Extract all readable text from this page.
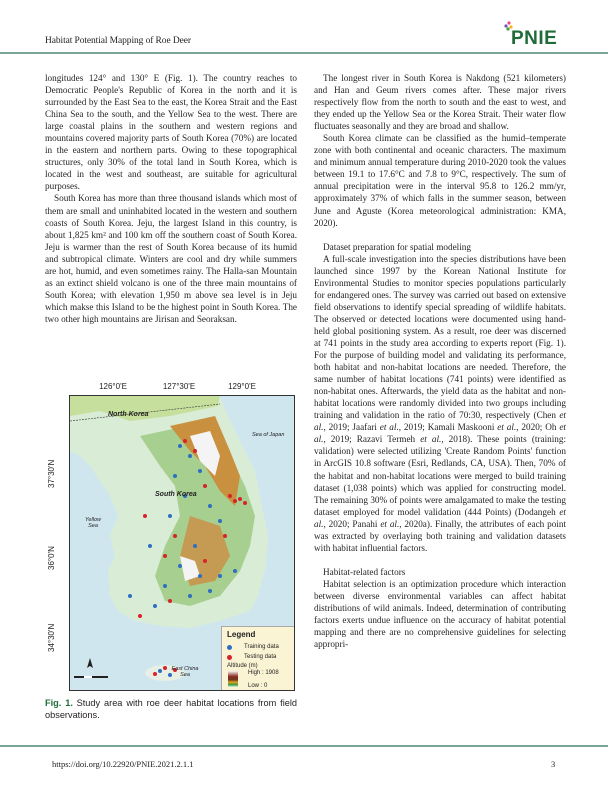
Habitat Potential Mapping of Roe Deer	PNIE

longitudes 124° and 130° E (Fig. 1). The country reaches to Democratic People's Republic of Korea in the north and it is surrounded by the East Sea to the east, the Korea Strait and the East China Sea to the south, and the Yellow Sea to the west. There are large coastal plains in the southern and western regions and mountains covered majority parts of South Korea (70%) are located in the eastern and northern parts. Owing to these topographical structures, only 30% of the total land in South Korea, which is located in the west and southeast, are suitable for agricultural purposes.

South Korea has more than three thousand islands which most of them are small and uninhabited located in the western and southern coasts of South Korea. Jeju, the largest Island in this country, is about 1,825 km² and 100 km off the southern coast of South Korea. Jeju is warmer than the rest of South Korea because of its humid and subtropical climate. Winters are cool and dry while summers are hot, humid, and even sometimes rainy. The Halla-san Mountain as an extinct shield volcano is one of the three main mountains of South Korea; with elevation 1,950 m above sea level is in Jeju which makse this Island to be the highest point in South Korea. The two other high mountains are Jirisan and Seoraksan.

126°0'E	127°30'E	129°0'E
37°30'N
36°0'N
34°30'N
North Korea
South Korea
Sea of Japan
Yellow Sea
East China Sea
Legend
Training data
Testing data
Altitude (m)
High : 1908
Low : 0
Fig. 1. Study area with roe deer habitat locations from field observations.

The longest river in South Korea is Nakdong (521 kilometers) and Han and Geum rivers comes after. These major rivers respectively flow from the north to south and the east to west, and they ended up the Yellow Sea or the Korea Strait. Their water flow fluctuates seasonally and they are broad and shallow.

South Korea climate can be classified as the humid–temperate zone with both continental and oceanic characters. The maximum and minimum annual temperature during 2010-2020 took the values between 19.1 to 17.6°C and 7.8 to 9°C, respectively. The sum of annual precipitation were in the interval 95.8 to 126.2 mm/yr, approximately 37% of which falls in the summer season, between June and Aguste (Korea meteorological administration: KMA, 2020).

Dataset preparation for spatial modeling

A full-scale investigation into the species distributions have been launched since 1997 by the Korean National Institute for Environmental Studies to monitor species populations particularly for endangered ones. The survey was carried out based on extensive field observations to identify special spreading of wildlife habitats. The observed or detected locations were documented using hand-held global positioning system. As a result, roe deer was discerned at 741 points in the study area according to experts report (Fig. 1). For the purpose of building model and validating its performance, both habitat and non-habitat locations are needed. Therefore, the same number of habitat locations (741 points) were identified as non-habitat ones. Afterwards, the yield data as the habitat and non-habitat locations were randomly divided into two groups including training and validation in the ratio of 70:30, respectively (Chen et al., 2019; Jaafari et al., 2019; Kamali Maskooni et al., 2020; Oh et al., 2019; Razavi Termeh et al., 2018). These points (training: validation) were selected utilizing 'Create Random Points' function in ArcGIS 10.8 software (Esri, Redlands, CA, USA). Then, 70% of the habitat and non-habitat locations were merged to build training dataset (1,038 points) which was applied for constructing model. The remaining 30% of points were amalgamated to make the testing dataset employed for model validation (444 Points) (Dodangeh et al., 2020; Panahi et al., 2020a). Finally, the attributes of each point was extracted by overlaying both training and validation datasets with habitat influential factors.

Habitat-related factors

Habitat selection is an optimization procedure which interaction between diverse environmental variables can affect habitat distributions of wild animals. Indeed, determination of contributing factors exerts undue influence on the accuracy of habitat potential mapping and there are no comprehensive guidelines for selecting appropri-

https://doi.org/10.22920/PNIE.2021.2.1.1	3
